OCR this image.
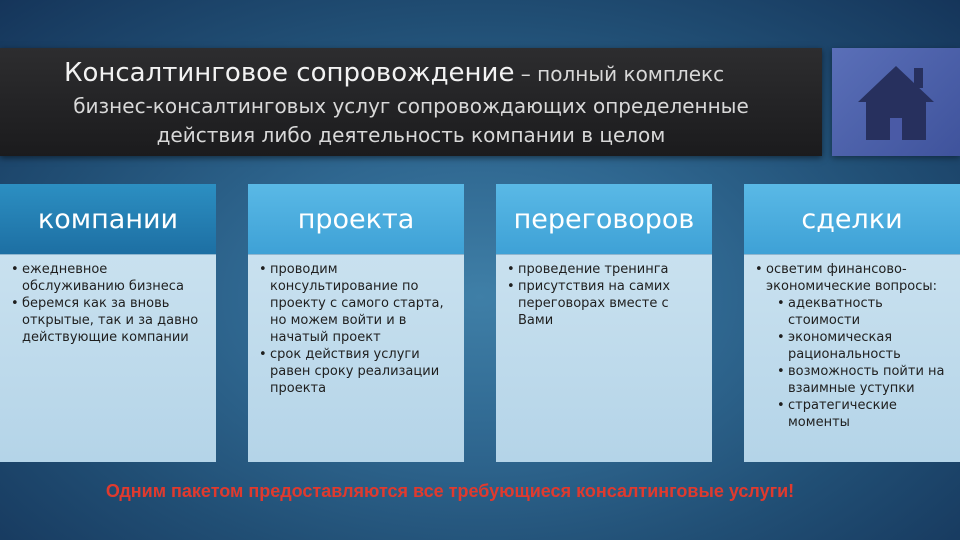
Консалтинговое сопровождение – полный комплекс
бизнес-консалтинговых услуг сопровождающих определенные
действия либо деятельность компании в целом
компании
• ежедневное обслуживанию бизнеса
• беремся как за вновь открытые, так и за давно действующие компании
проекта
• проводим консультирование по проекту с самого старта, но можем войти и в начатый проект
• срок действия услуги равен сроку реализации проекта
переговоров
• проведение тренинга
• присутствия на самих переговорах вместе с Вами
сделки
• осветим финансово-экономические вопросы:
• адекватность стоимости
• экономическая рациональность
• возможность пойти на взаимные уступки
• стратегические моменты
Одним пакетом предоставляются все требующиеся консалтинговые услуги!
